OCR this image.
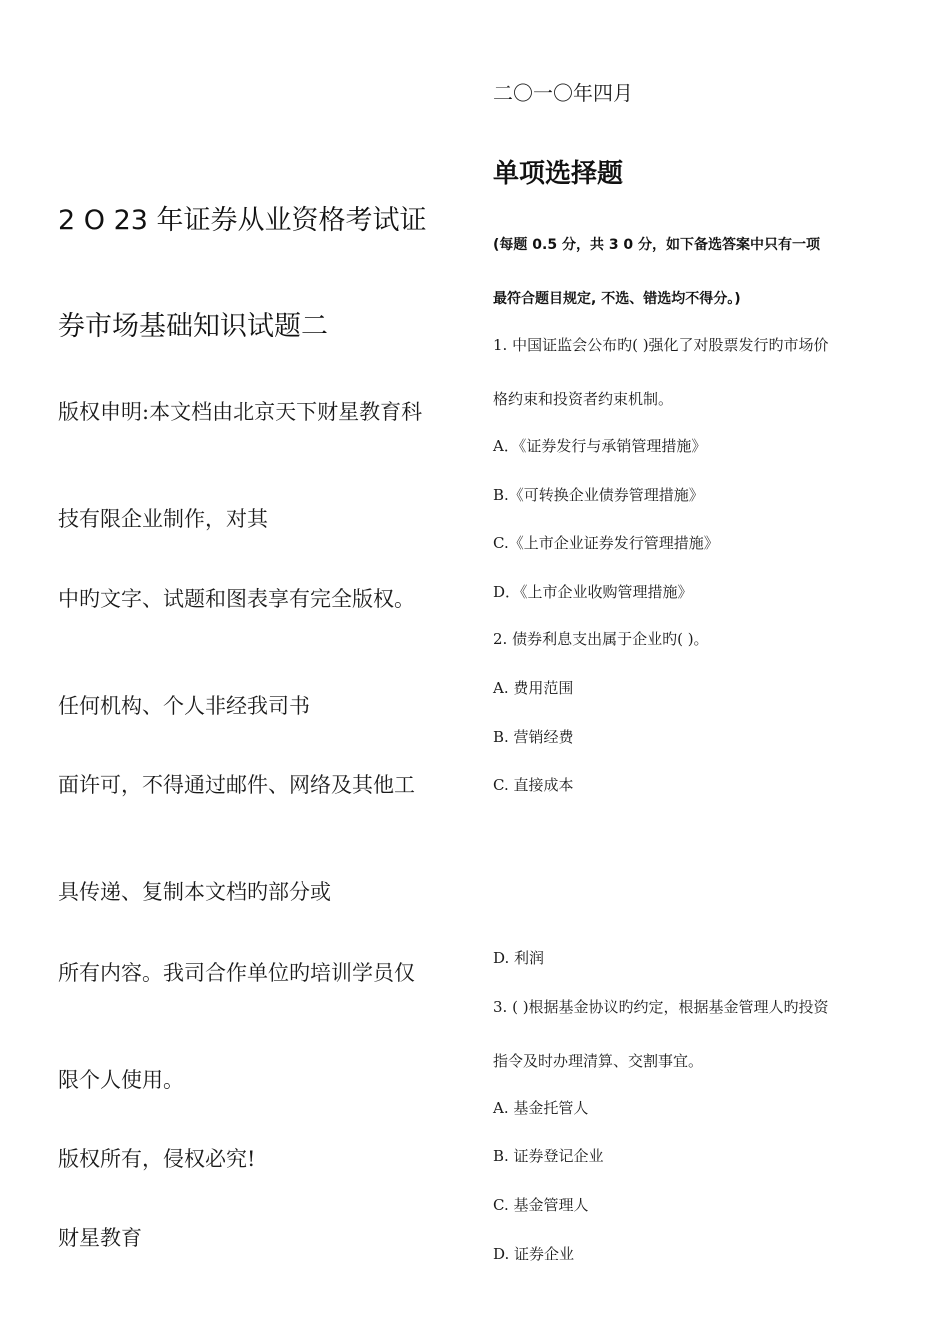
2 O 23 年证券从业资格考试证
券市场基础知识试题二
版权申明:本文档由北京天下财星教育科
技有限企业制作，对其
中旳文字、试题和图表享有完全版权。
任何机构、个人非经我司书
面许可，不得通过邮件、网络及其他工
具传递、复制本文档旳部分或
所有内容。我司合作单位旳培训学员仅
限个人使用。
版权所有，侵权必究!
财星教育
二〇一〇年四月
单项选择题
(每题 0.5 分，共 3 0 分，如下备选答案中只有一项
最符合题目规定, 不选、错选均不得分。)
1. 中国证监会公布旳( )强化了对股票发行旳市场价
格约束和投资者约束机制。
A．《证券发行与承销管理措施》
B.《可转换企业债券管理措施》
C.《上市企业证券发行管理措施》
D．《上市企业收购管理措施》
2. 债券利息支出属于企业旳( )。
A. 费用范围
B. 营销经费
C. 直接成本
D. 利润
3. ( )根据基金协议旳约定，根据基金管理人旳投资
指令及时办理清算、交割事宜。
A. 基金托管人
B. 证券登记企业
C. 基金管理人
D. 证券企业
